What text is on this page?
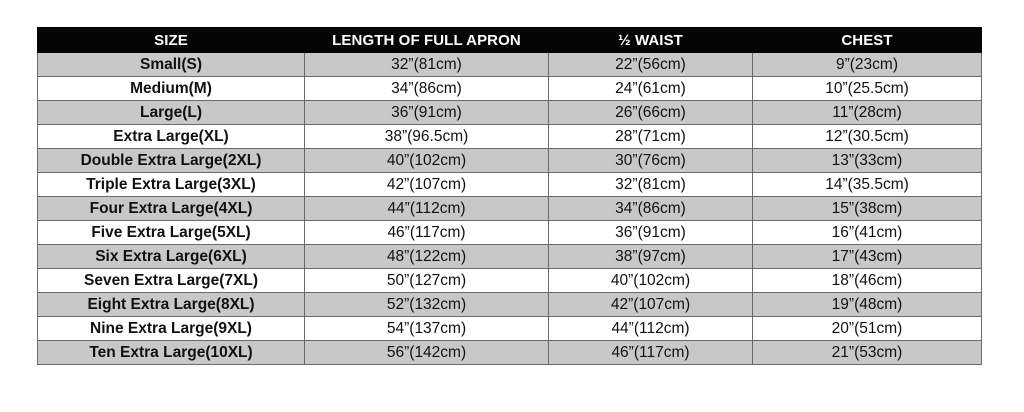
SIZE	LENGTH OF FULL APRON	½ WAIST	CHEST
Small(S)	32”(81cm)	22”(56cm)	9”(23cm)
Medium(M)	34”(86cm)	24”(61cm)	10”(25.5cm)
Large(L)	36”(91cm)	26”(66cm)	11”(28cm)
Extra Large(XL)	38”(96.5cm)	28”(71cm)	12”(30.5cm)
Double Extra Large(2XL)	40”(102cm)	30”(76cm)	13”(33cm)
Triple Extra Large(3XL)	42”(107cm)	32”(81cm)	14”(35.5cm)
Four Extra Large(4XL)	44”(112cm)	34”(86cm)	15”(38cm)
Five Extra Large(5XL)	46”(117cm)	36”(91cm)	16”(41cm)
Six Extra Large(6XL)	48”(122cm)	38”(97cm)	17”(43cm)
Seven Extra Large(7XL)	50”(127cm)	40”(102cm)	18”(46cm)
Eight Extra Large(8XL)	52”(132cm)	42”(107cm)	19”(48cm)
Nine Extra Large(9XL)	54”(137cm)	44”(112cm)	20”(51cm)
Ten Extra Large(10XL)	56”(142cm)	46”(117cm)	21”(53cm)
